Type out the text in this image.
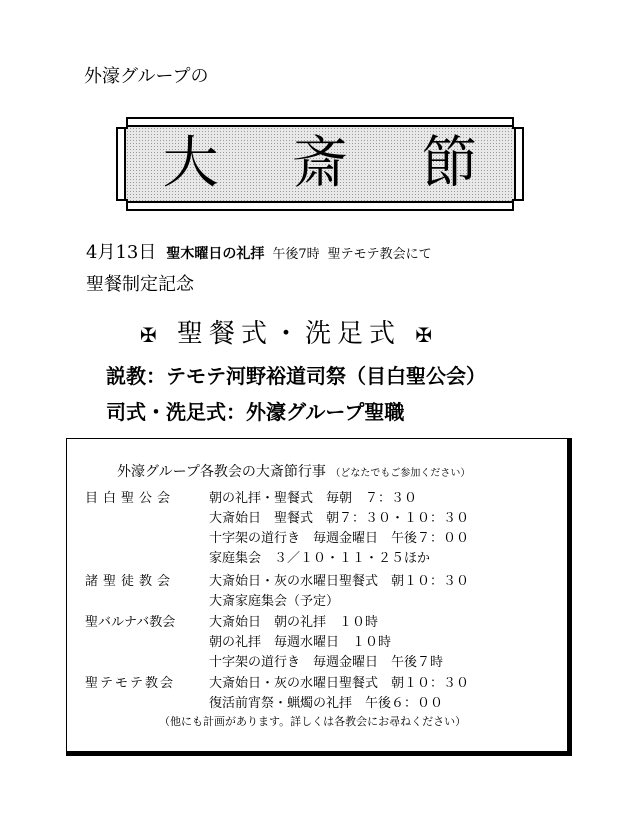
外濠グループの
大 斎 節
4月13日 聖木曜日の礼拝 午後7時 聖テモテ教会にて
聖餐制定記念
✠ 聖餐式・洗足式 ✠
説教：テモテ河野裕道司祭（目白聖公会）
司式・洗足式：外濠グループ聖職
外濠グループ各教会の大斎節行事 （どなたでもご参加ください）
目白聖公会	朝の礼拝・聖餐式　毎朝　７：３０
大斎始日　聖餐式　朝７：３０・１０：３０
十字架の道行き　毎週金曜日　午後７：００
家庭集会　３／１０・１１・２５ほか
諸聖徒教会	大斎始日・灰の水曜日聖餐式　朝１０：３０
大斎家庭集会（予定）
聖バルナバ教会	大斎始日　朝の礼拝　１０時
朝の礼拝　毎週水曜日　１０時
十字架の道行き　毎週金曜日　午後７時
聖テモテ教会	大斎始日・灰の水曜日聖餐式　朝１０：３０
復活前宵祭・蝋燭の礼拝　午後６：００
（他にも計画があります。詳しくは各教会にお尋ねください）
